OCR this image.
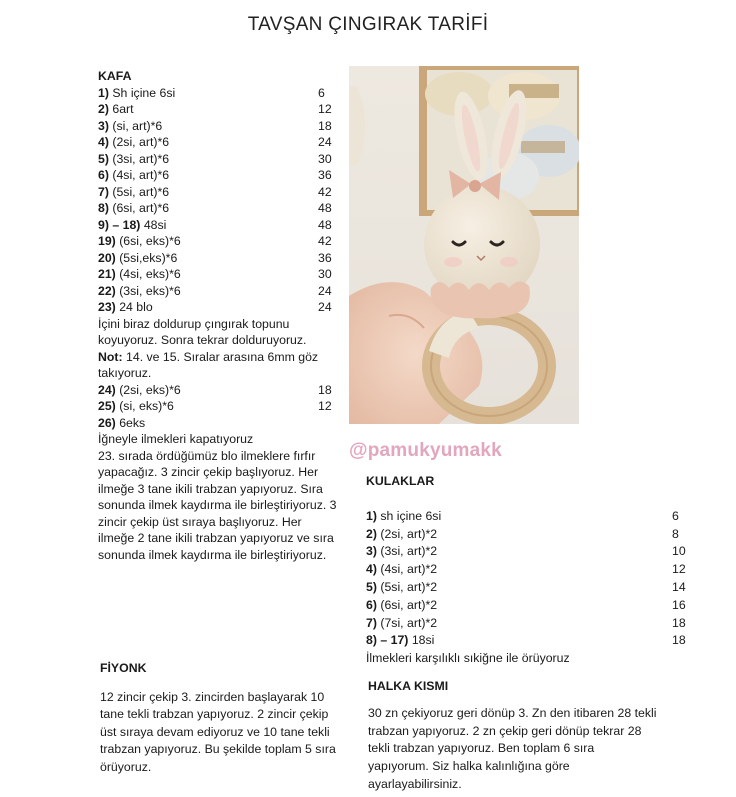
TAVŞAN ÇINGIRAK TARİFİ
KAFA
1) Sh içine 6si	6
2) 6art	12
3) (si, art)*6	18
4) (2si, art)*6	24
5) (3si, art)*6	30
6) (4si, art)*6	36
7) (5si, art)*6	42
8) (6si, art)*6	48
9) – 18) 48si	48
19) (6si, eks)*6	42
20) (5si,eks)*6	36
21) (4si, eks)*6	30
22) (3si, eks)*6	24
23) 24 blo	24
İçini biraz doldurup çıngırak topunu koyuyoruz. Sonra tekrar dolduruyoruz.
Not: 14. ve 15. Sıralar arasına 6mm göz takıyoruz.
24) (2si, eks)*6	18
25) (si, eks)*6	12
26) 6eks
İğneyle ilmekleri kapatıyoruz
23. sırada ördüğümüz blo ilmeklere fırfır yapacağız. 3 zincir çekip başlıyoruz. Her ilmeğe 3 tane ikili trabzan yapıyoruz. Sıra sonunda ilmek kaydırma ile birleştiriyoruz. 3 zincir çekip üst sıraya başlıyoruz. Her ilmeğe 2 tane ikili trabzan yapıyoruz ve sıra sonunda ilmek kaydırma ile birleştiriyoruz.
@pamukyumakk
KULAKLAR
1) sh içine 6si	6
2) (2si, art)*2	8
3) (3si, art)*2	10
4) (4si, art)*2	12
5) (5si, art)*2	14
6) (6si, art)*2	16
7) (7si, art)*2	18
8) – 17) 18si	18
İlmekleri karşılıklı sıkiğne ile örüyoruz
FİYONK
12 zincir çekip 3. zincirden başlayarak 10 tane tekli trabzan yapıyoruz. 2 zincir çekip üst sıraya devam ediyoruz ve 10 tane tekli trabzan yapıyoruz. Bu şekilde toplam 5 sıra örüyoruz.
HALKA KISMI
30 zn çekiyoruz geri dönüp 3. Zn den itibaren 28 tekli trabzan yapıyoruz. 2 zn çekip geri dönüp tekrar 28 tekli trabzan yapıyoruz. Ben toplam 6 sıra yapıyorum. Siz halka kalınlığına göre ayarlayabilirsiniz.
